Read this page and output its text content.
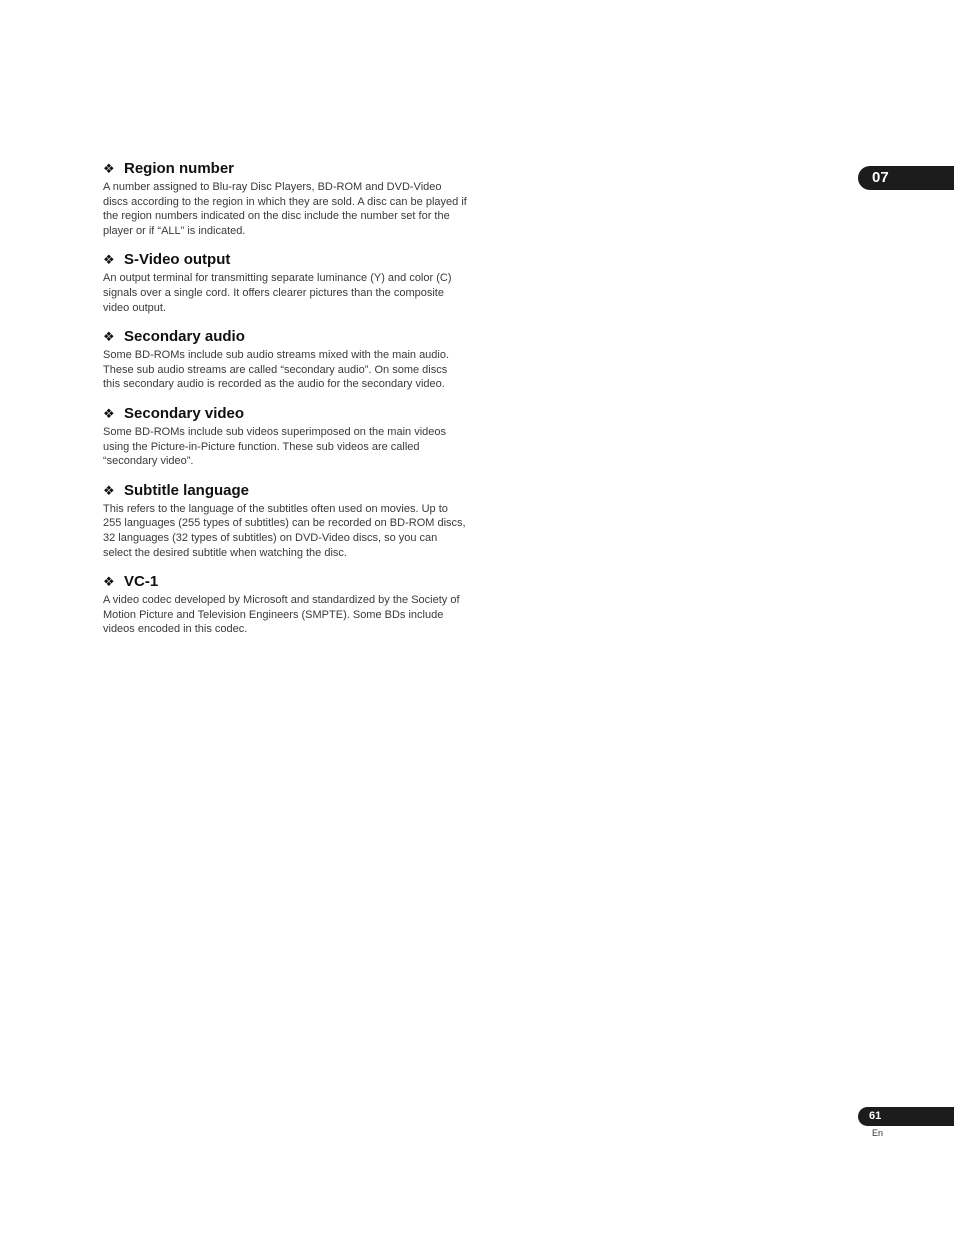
07
❖ Region number

A number assigned to Blu-ray Disc Players, BD-ROM and DVD-Video discs according to the region in which they are sold. A disc can be played if the region numbers indicated on the disc include the number set for the player or if “ALL” is indicated.

❖ S-Video output

An output terminal for transmitting separate luminance (Y) and color (C) signals over a single cord. It offers clearer pictures than the composite video output.

❖ Secondary audio

Some BD-ROMs include sub audio streams mixed with the main audio. These sub audio streams are called “secondary audio”. On some discs this secondary audio is recorded as the audio for the secondary video.

❖ Secondary video

Some BD-ROMs include sub videos superimposed on the main videos using the Picture-in-Picture function. These sub videos are called “secondary video”.

❖ Subtitle language

This refers to the language of the subtitles often used on movies. Up to 255 languages (255 types of subtitles) can be recorded on BD-ROM discs, 32 languages (32 types of subtitles) on DVD-Video discs, so you can select the desired subtitle when watching the disc.

❖ VC-1

A video codec developed by Microsoft and standardized by the Society of Motion Picture and Television Engineers (SMPTE). Some BDs include videos encoded in this codec.

61
En
